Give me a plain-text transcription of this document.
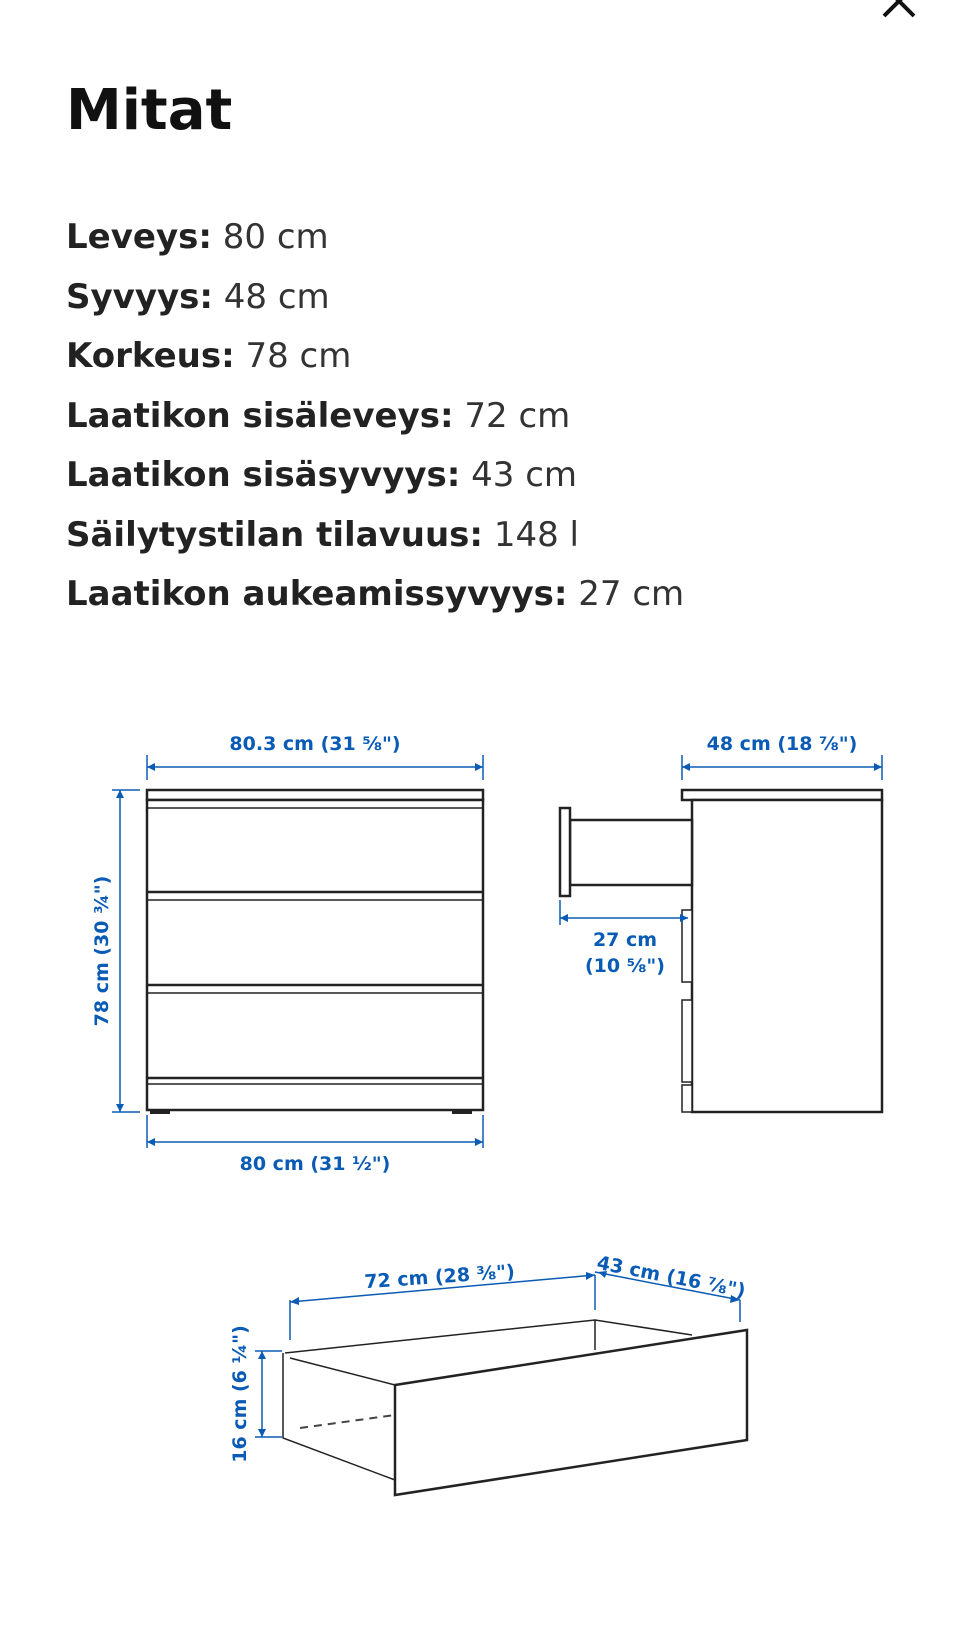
Mitat
Leveys: 80 cm
Syvyys: 48 cm
Korkeus: 78 cm
Laatikon sisäleveys: 72 cm
Laatikon sisäsyvyys: 43 cm
Säilytystilan tilavuus: 148 l
Laatikon aukeamissyvyys: 27 cm
80.3 cm (31 ⅝")
80 cm (31 ½")
78 cm (30 ¾")
48 cm (18 ⅞")
27 cm
(10 ⅝")
72 cm (28 ⅜")	43 cm (16 ⅞")
16 cm (6 ¼")
